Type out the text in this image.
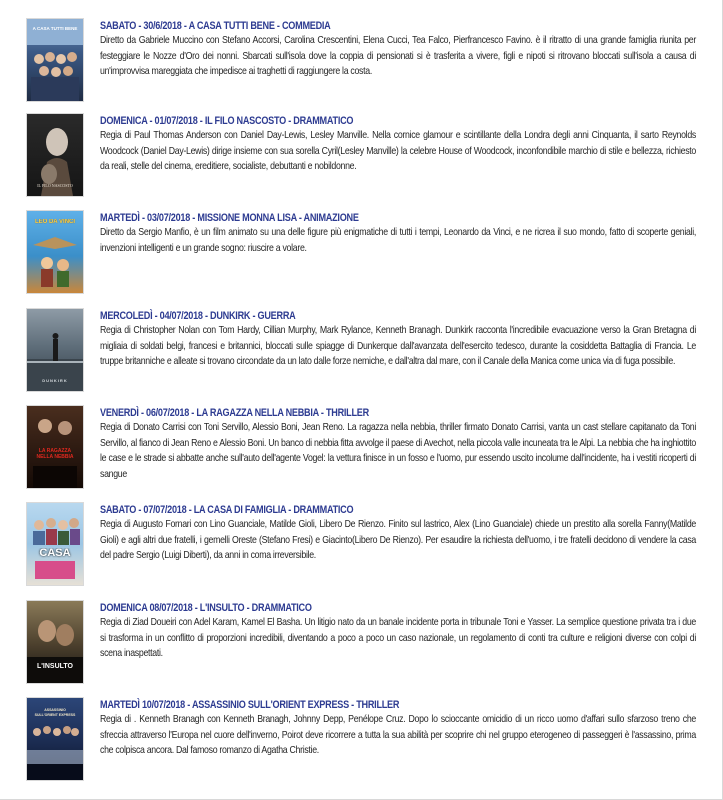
A CASA TUTTI BENE	SABATO - 30/6/2018 - A CASA TUTTI BENE - COMMEDIA
Diretto da Gabriele Muccino con Stefano Accorsi, Carolina Crescentini, Elena Cucci, Tea Falco, Pierfrancesco Favino. è il ritratto di una grande famiglia riunita per festeggiare le Nozze d'Oro dei nonni. Sbarcati sull'isola dove la coppia di pensionati si è trasferita a vivere, figli e nipoti si ritrovano bloccati sull'isola a causa di un'improvvisa mareggiata che impedisce ai traghetti di raggiungere la costa.
IL FILO NASCOSTO
DOMENICA - 01/07/2018 - IL FILO NASCOSTO - DRAMMATICO
Regia di Paul Thomas Anderson con Daniel Day-Lewis, Lesley Manville. Nella cornice glamour e scintillante della Londra degli anni Cinquanta, il sarto Reynolds Woodcock (Daniel Day-Lewis) dirige insieme con sua sorella Cyril(Lesley Manville) la celebre House of Woodcock, inconfondibile marchio di stile e bellezza, richiesto da reali, stelle del cinema, ereditiere, socialiste, debuttanti e nobildonne.
LEO DA VINCI	MARTEDÌ - 03/07/2018 - MISSIONE MONNA LISA - ANIMAZIONE
Diretto da Sergio Manfio, è un film animato su una delle figure più enigmatiche di tutti i tempi, Leonardo da Vinci, e ne ricrea il suo mondo, fatto di scoperte geniali, invenzioni intelligenti e un grande sogno: riuscire a volare.
DUNKIRK
MERCOLEDÌ - 04/07/2018 - DUNKIRK - GUERRA
Regia di Christopher Nolan con Tom Hardy, Cillian Murphy, Mark Rylance, Kenneth Branagh. Dunkirk racconta l'incredibile evacuazione verso la Gran Bretagna di migliaia di soldati belgi, francesi e britannici, bloccati sulle spiagge di Dunkerque dall'avanzata dell'esercito tedesco, durante la cosiddetta Battaglia di Francia. Le truppe britanniche e alleate si trovano circondate da un lato dalle forze nemiche, e dall'altra dal mare, con il Canale della Manica come unica via di fuga possibile.
LA RAGAZZA NELLA NEBBIA
VENERDÌ - 06/07/2018 - LA RAGAZZA NELLA NEBBIA - THRILLER
Regia di Donato Carrisi con Toni Servillo, Alessio Boni, Jean Reno. La ragazza nella nebbia, thriller firmato Donato Carrisi, vanta un cast stellare capitanato da Toni Servillo, al fianco di Jean Reno e Alessio Boni. Un banco di nebbia fitta avvolge il paese di Avechot, nella piccola valle incuneata tra le Alpi. La nebbia che ha inghiottito le case e le strade si abbatte anche sull'auto dell'agente Vogel: la vettura finisce in un fosso e l'uomo, pur essendo uscito incolume dall'incidente, ha i vestiti ricoperti di sangue
CASA
SABATO - 07/07/2018 - LA CASA DI FAMIGLIA - DRAMMATICO
Regia di Augusto Fornari con Lino Guanciale, Matilde Gioli, Libero De Rienzo. Finito sul lastrico, Alex (Lino Guanciale) chiede un prestito alla sorella Fanny(Matilde Gioli) e agli altri due fratelli, i gemelli Oreste (Stefano Fresi) e Giacinto(Libero De Rienzo). Per esaudire la richiesta dell'uomo, i tre fratelli decidono di vendere la casa del padre Sergio (Luigi Diberti), da anni in coma irreversibile.
L'INSULTO
DOMENICA 08/07/2018 - L'INSULTO - DRAMMATICO
Regia di Ziad Doueiri con Adel Karam, Kamel El Basha. Un litigio nato da un banale incidente porta in tribunale Toni e Yasser. La semplice questione privata tra i due si trasforma in un conflitto di proporzioni incredibili, diventando a poco a poco un caso nazionale, un regolamento di conti tra culture e religioni diverse con colpi di scena inaspettati.
ASSASSINIO SULL'ORIENT EXPRESS
MARTEDÌ 10/07/2018 - ASSASSINIO SULL'ORIENT EXPRESS - THRILLER
Regia di . Kenneth Branagh con Kenneth Branagh, Johnny Depp, Penélope Cruz. Dopo lo scioccante omicidio di un ricco uomo d'affari sullo sfarzoso treno che sfreccia attraverso l'Europa nel cuore dell'inverno, Poirot deve ricorrere a tutta la sua abilità per scoprire chi nel gruppo eterogeneo di passeggeri è l'assassino, prima che colpisca ancora. Dal famoso romanzo di Agatha Christie.
